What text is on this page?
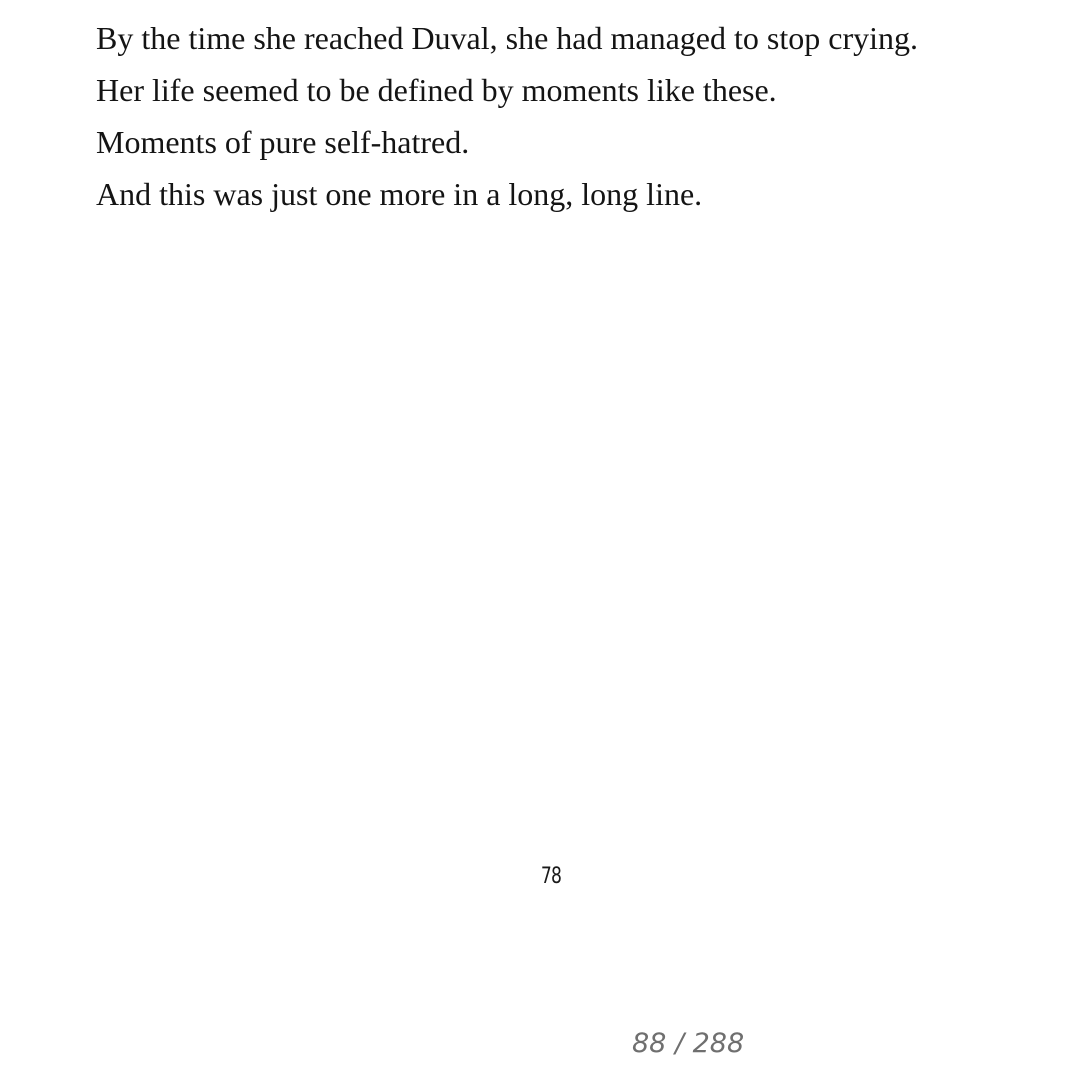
By the time she reached Duval, she had managed to stop crying.
Her life seemed to be defined by moments like these.
Moments of pure self-hatred.
And this was just one more in a long, long line.
78
88 / 288
